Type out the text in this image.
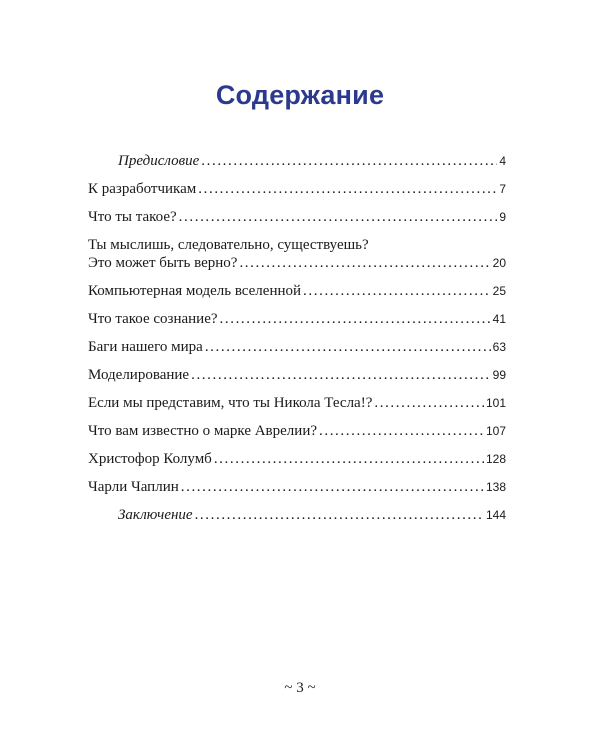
Содержание
Предисловие .....	4
К разработчикам .....	7
Что ты такое? .....	9
Ты мыслишь, следовательно, существуешь?
Это может быть верно? .....	20
Компьютерная модель вселенной .....	25
Что такое сознание? .....	41
Баги нашего мира .....	63
Моделирование .....	99
Если мы представим, что ты Никола Тесла!? .....	101
Что вам известно о марке Аврелии? .....	107
Христофор Колумб .....	128
Чарли Чаплин .....	138
Заключение .....	144
~ 3 ~
